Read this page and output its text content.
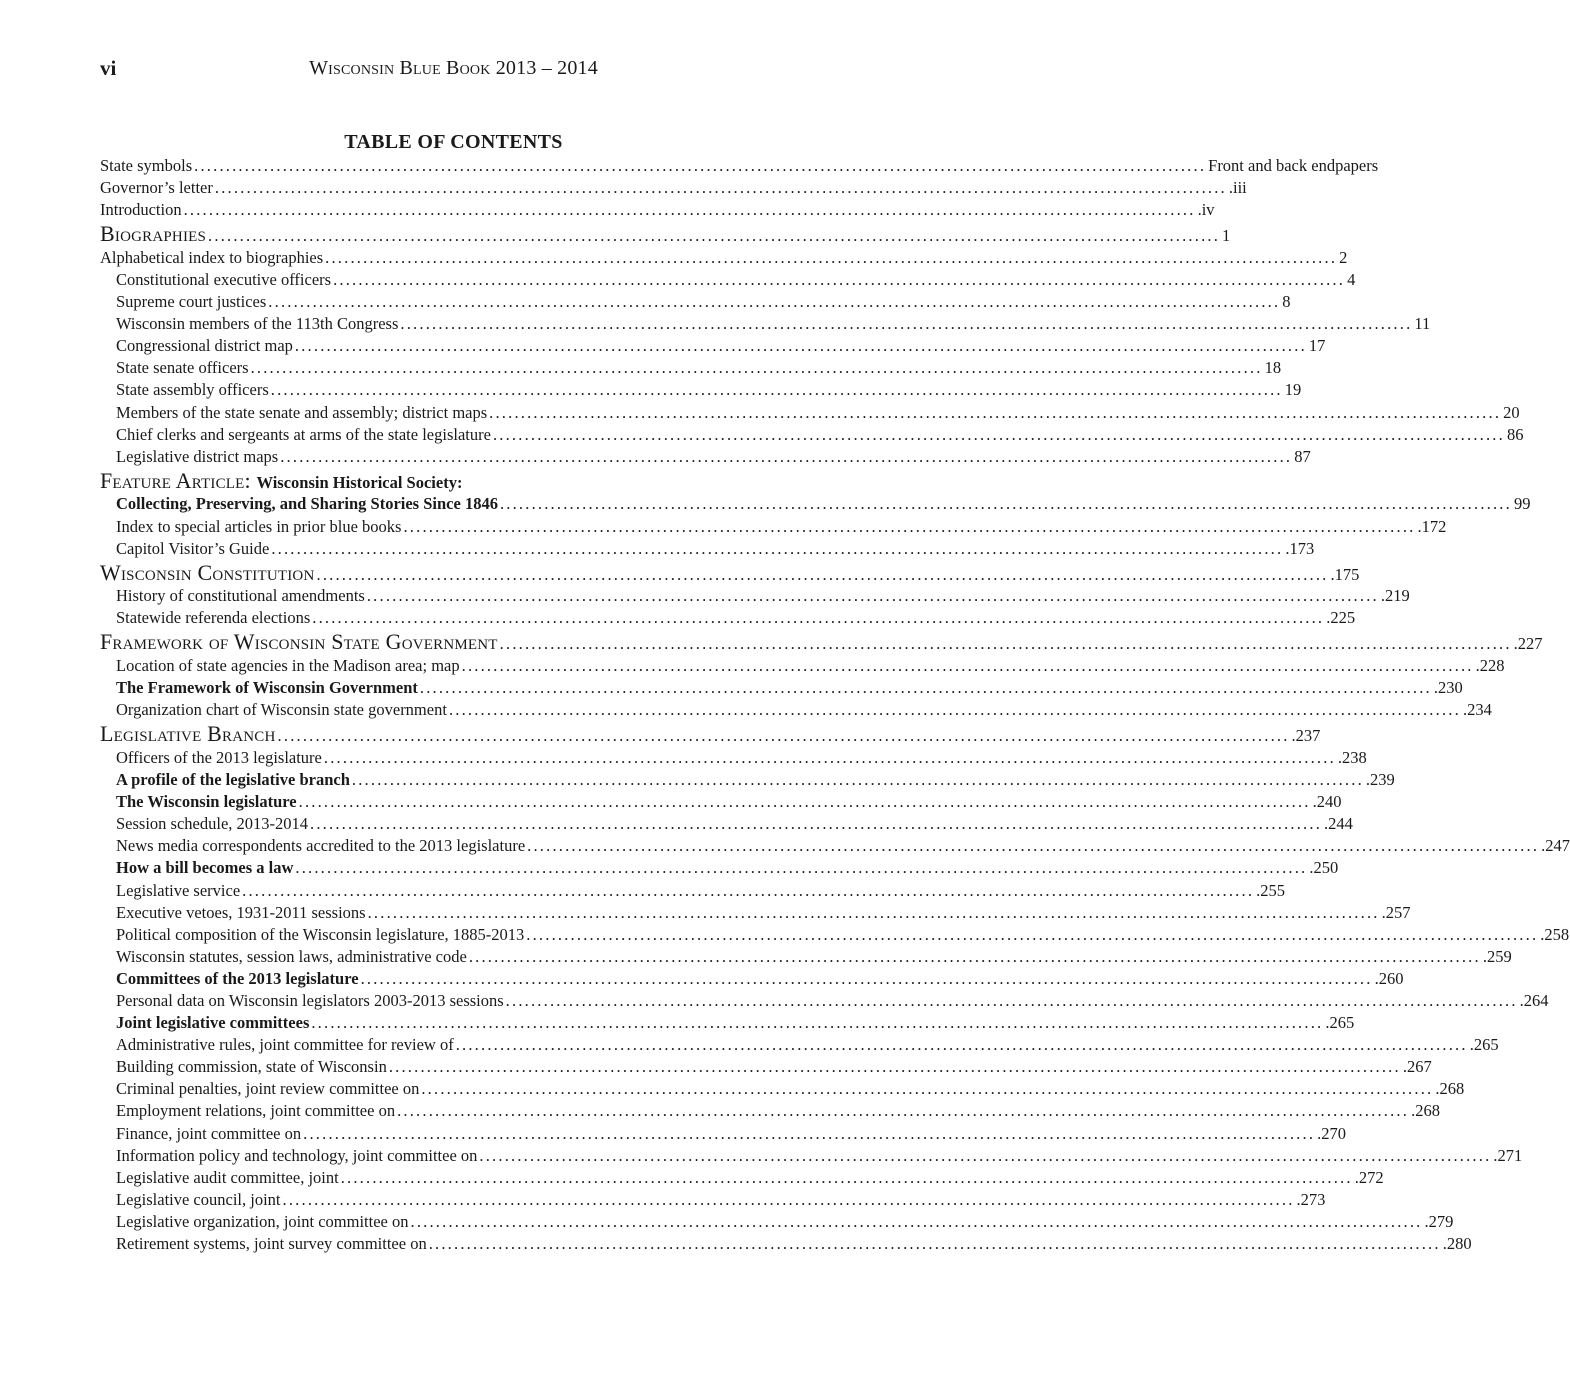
vi	Wisconsin Blue Book 2013 – 2014
TABLE OF CONTENTS
State symbols ................................................................................................................................................................ Front and back endpapers
Governor’s letter ................................................................................................................................................................ .iii
Introduction ................................................................................................................................................................ .iv
Biographies ................................................................................................................................................................ 1
Alphabetical index to biographies ................................................................................................................................................................ 2
Constitutional executive officers ................................................................................................................................................................ 4
Supreme court justices ................................................................................................................................................................ 8
Wisconsin members of the 113th Congress ................................................................................................................................................................ 11
Congressional district map ................................................................................................................................................................ 17
State senate officers ................................................................................................................................................................ 18
State assembly officers ................................................................................................................................................................ 19
Members of the state senate and assembly; district maps ................................................................................................................................................................ 20
Chief clerks and sergeants at arms of the state legislature ................................................................................................................................................................ 86
Legislative district maps ................................................................................................................................................................ 87
Feature Article: Wisconsin Historical Society:
Collecting, Preserving, and Sharing Stories Since 1846 ................................................................................................................................................................ 99
Index to special articles in prior blue books ................................................................................................................................................................ .172
Capitol Visitor’s Guide ................................................................................................................................................................ .173
Wisconsin Constitution ................................................................................................................................................................ .175
History of constitutional amendments ................................................................................................................................................................ .219
Statewide referenda elections ................................................................................................................................................................ .225
Framework of Wisconsin State Government ................................................................................................................................................................ .227
Location of state agencies in the Madison area; map ................................................................................................................................................................ .228
The Framework of Wisconsin Government ................................................................................................................................................................ .230
Organization chart of Wisconsin state government ................................................................................................................................................................ .234
Legislative Branch ................................................................................................................................................................ .237
Officers of the 2013 legislature ................................................................................................................................................................ .238
A profile of the legislative branch ................................................................................................................................................................ .239
The Wisconsin legislature ................................................................................................................................................................ .240
Session schedule, 2013-2014 ................................................................................................................................................................ .244
News media correspondents accredited to the 2013 legislature ................................................................................................................................................................ .247
How a bill becomes a law ................................................................................................................................................................ .250
Legislative service ................................................................................................................................................................ .255
Executive vetoes, 1931-2011 sessions ................................................................................................................................................................ .257
Political composition of the Wisconsin legislature, 1885-2013 ................................................................................................................................................................ .258
Wisconsin statutes, session laws, administrative code ................................................................................................................................................................ .259
Committees of the 2013 legislature ................................................................................................................................................................ .260
Personal data on Wisconsin legislators 2003-2013 sessions ................................................................................................................................................................ .264
Joint legislative committees ................................................................................................................................................................ .265
Administrative rules, joint committee for review of ................................................................................................................................................................ .265
Building commission, state of Wisconsin ................................................................................................................................................................ .267
Criminal penalties, joint review committee on ................................................................................................................................................................ .268
Employment relations, joint committee on ................................................................................................................................................................ .268
Finance, joint committee on ................................................................................................................................................................ .270
Information policy and technology, joint committee on ................................................................................................................................................................ .271
Legislative audit committee, joint ................................................................................................................................................................ .272
Legislative council, joint ................................................................................................................................................................ .273
Legislative organization, joint committee on ................................................................................................................................................................ .279
Retirement systems, joint survey committee on ................................................................................................................................................................ .280
